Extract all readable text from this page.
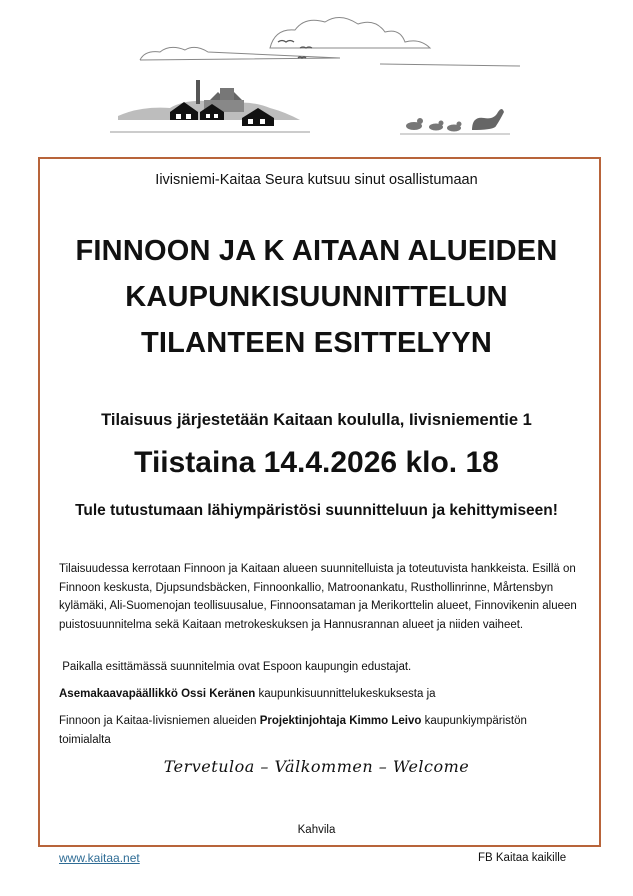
Iivisniemi-Kaitaa Seura kutsuu sinut osallistumaan
FINNOON JA K AITAAN ALUEIDEN
KAUPUNKISUUNNITTELUN
TILANTEEN ESITTELYYN
Tilaisuus järjestetään Kaitaan koululla, Iivisniementie 1
Tiistaina 14.4.2026 klo. 18
Tule tutustumaan lähiympäristösi suunnitteluun ja kehittymiseen!
Tilaisuudessa kerrotaan Finnoon ja Kaitaan alueen suunnitelluista ja toteutuvista hankkeista. Esillä on Finnoon keskusta, Djupsundsbäcken, Finnoonkallio, Matroonankatu, Rusthollinrinne, Mårtensbyn kylämäki, Ali-Suomenojan teollisuusalue, Finnoonsataman ja Merikorttelin alueet, Finnovikenin alueen puistosuunnitelma sekä Kaitaan metrokeskuksen ja Hannusrannan alueet ja niiden vaiheet.
Paikalla esittämässä suunnitelmia ovat Espoon kaupungin edustajat.
Asemakaavapäällikkö Ossi Keränen kaupunkisuunnittelukeskuksesta ja
Finnoon ja Kaitaa-Iivisniemen alueiden Projektinjohtaja Kimmo Leivo kaupunkiympäristön toimialalta
Tervetuloa – Välkommen – Welcome
Kahvila
www.kaitaa.net	FB Kaitaa kaikille
